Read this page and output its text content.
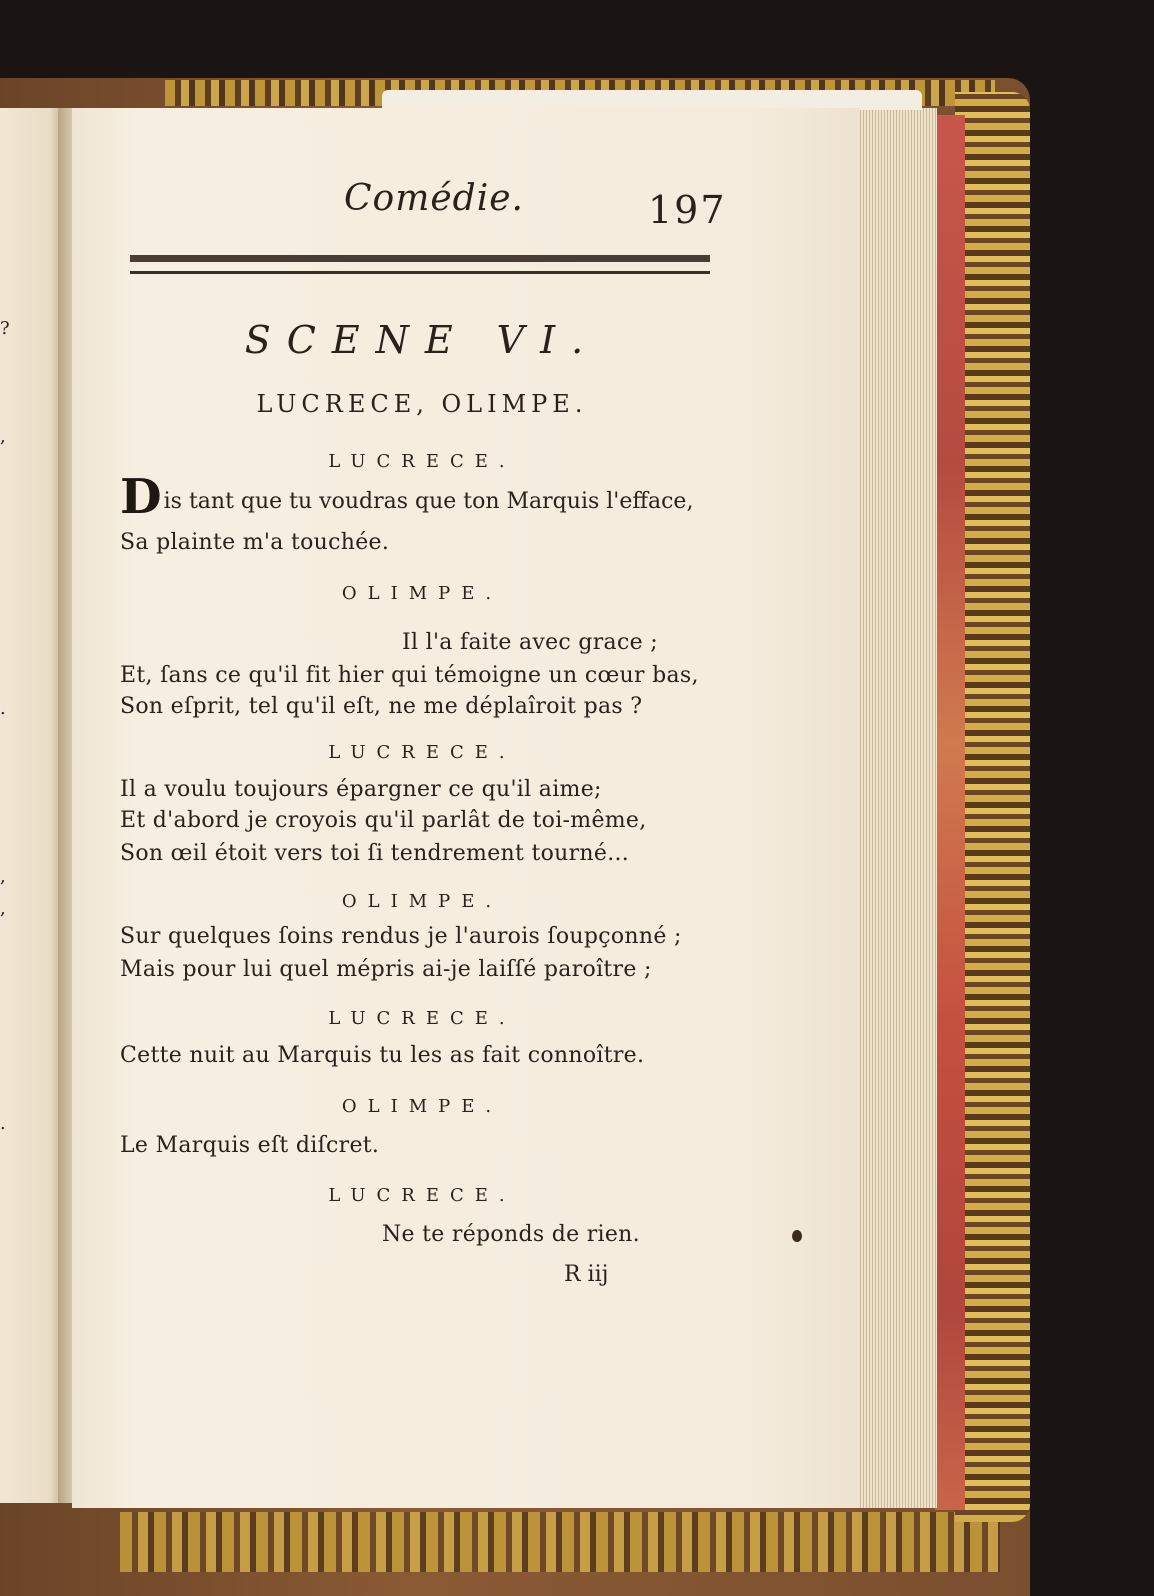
?
,
.
,
,
.
Comédie.	197
SCENE VI.
LUCRECE, OLIMPE.
LUCRECE.
D is tant que tu voudras que ton Marquis l'efface,
Sa plainte m'a touchée.
OLIMPE.
Il l'a faite avec grace ;
Et, ſans ce qu'il fit hier qui témoigne un cœur bas,
Son eſprit, tel qu'il eſt, ne me déplaîroit pas ?
LUCRECE.
Il a voulu toujours épargner ce qu'il aime;
Et d'abord je croyois qu'il parlât de toi-même,
Son œil étoit vers toi ſi tendrement tourné...
OLIMPE.
Sur quelques ſoins rendus je l'aurois ſoupçonné ;
Mais pour lui quel mépris ai-je laiſſé paroître ;
LUCRECE.
Cette nuit au Marquis tu les as fait connoître.
OLIMPE.
Le Marquis eſt diſcret.
LUCRECE.
Ne te réponds de rien.
R iij
